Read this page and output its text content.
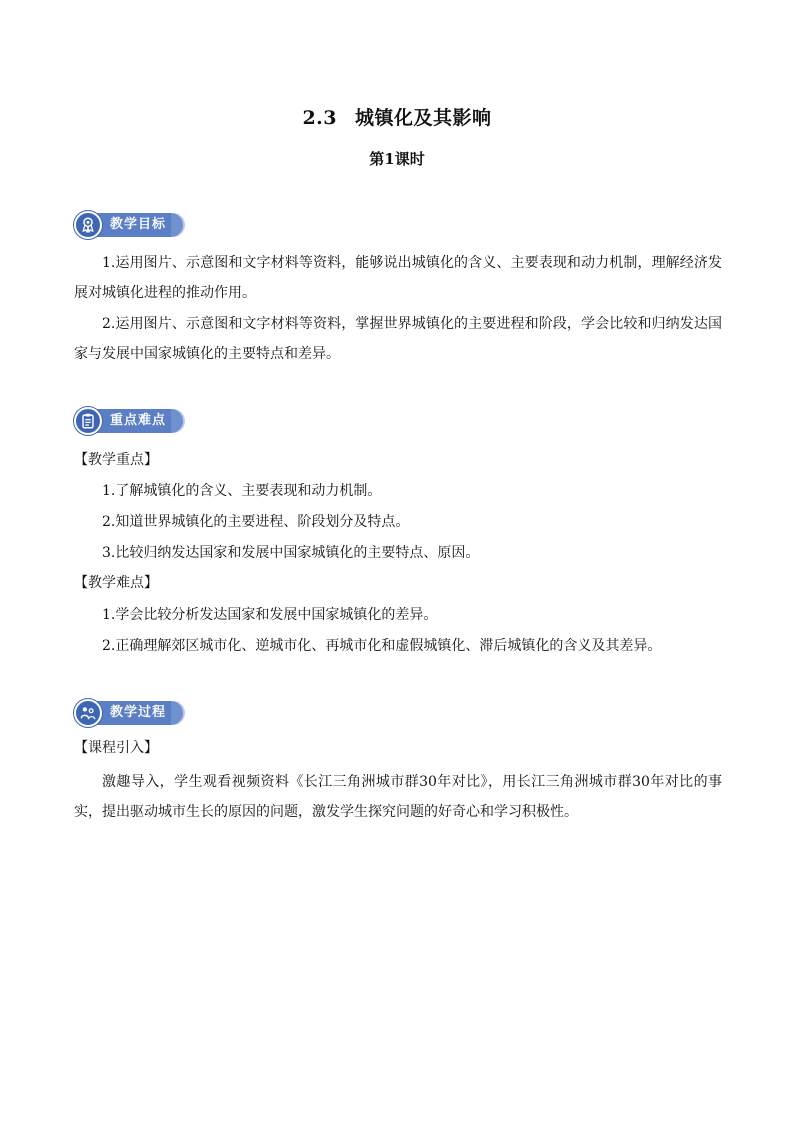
2.3 城镇化及其影响
第1课时
教学目标
1.运用图片、示意图和文字材料等资料，能够说出城镇化的含义、主要表现和动力机制，理解经济发展对城镇化进程的推动作用。
2.运用图片、示意图和文字材料等资料，掌握世界城镇化的主要进程和阶段，学会比较和归纳发达国家与发展中国家城镇化的主要特点和差异。
重点难点
【教学重点】
1.了解城镇化的含义、主要表现和动力机制。
2.知道世界城镇化的主要进程、阶段划分及特点。
3.比较归纳发达国家和发展中国家城镇化的主要特点、原因。
【教学难点】
1.学会比较分析发达国家和发展中国家城镇化的差异。
2.正确理解郊区城市化、逆城市化、再城市化和虚假城镇化、滞后城镇化的含义及其差异。
教学过程
【课程引入】
激趣导入，学生观看视频资料《长江三角洲城市群30年对比》，用长江三角洲城市群30年对比的事实，提出驱动城市生长的原因的问题，激发学生探究问题的好奇心和学习积极性。
